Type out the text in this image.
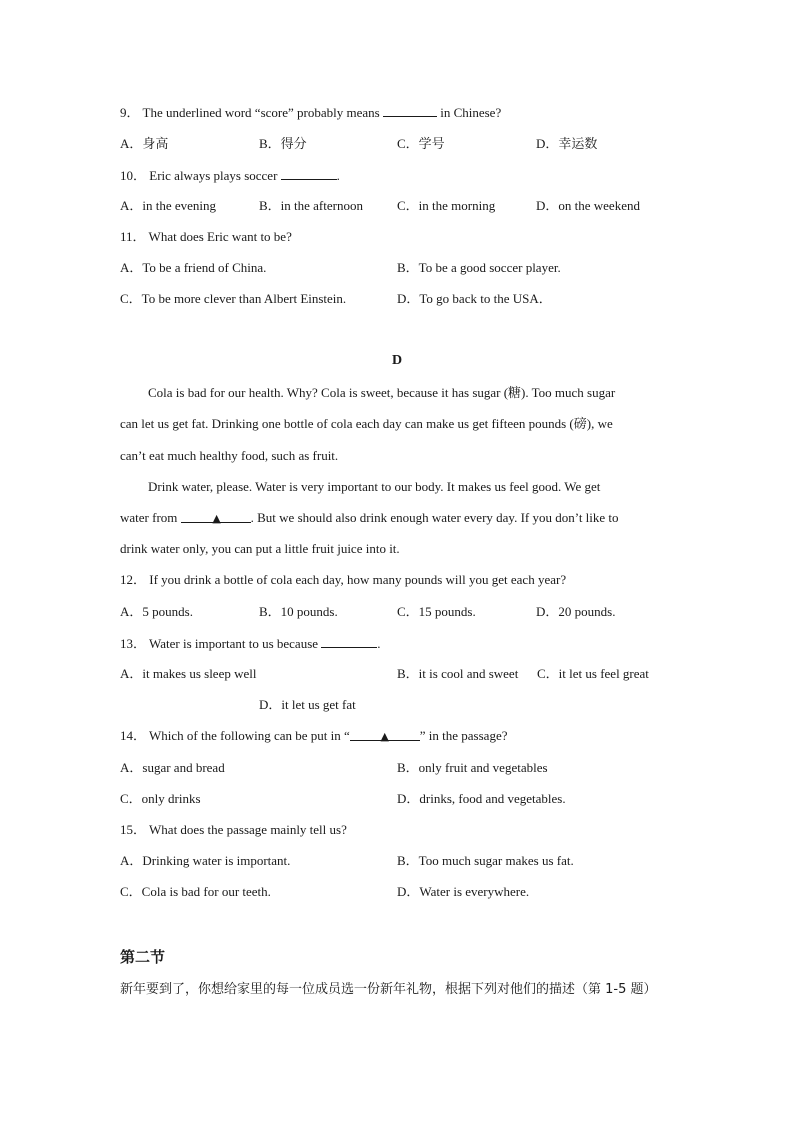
9． The underlined word “score” probably means	in Chinese?
A．身高	B．得分	C．学号	D．幸运数
10． Eric always plays soccer	.
A．in the evening	B．in the afternoon	C．in the morning	D．on the weekend
11． What does Eric want to be?
A．To be a friend of China.	B．To be a good soccer player.
C．To be more clever than Albert Einstein.	D．To go back to the USA．
D
Cola is bad for our health. Why? Cola is sweet, because it has sugar (糖). Too much sugar
can let us get fat. Drinking one bottle of cola each day can make us get fifteen pounds (磅), we
can’t eat much healthy food, such as fruit.
Drink water, please. Water is very important to our body. It makes us feel good. We get
water from	▲ . But we should also drink enough water every day. If you don’t like to
drink water only, you can put a little fruit juice into it.
12． If you drink a bottle of cola each day, how many pounds will you get each year?
A．5 pounds.	B．10 pounds.	C．15 pounds.	D．20 pounds.
13． Water is important to us because	.
A．it makes us sleep well	B．it is cool and sweet C．it let us feel great
D．it let us get fat
14． Which of the following can be put in “	▲ ” in the passage?
A．sugar and bread	B．only fruit and vegetables
C．only drinks	D．drinks, food and vegetables.
15． What does the passage mainly tell us?
A．Drinking water is important.	B．Too much sugar makes us fat.
C．Cola is bad for our teeth.	D．Water is everywhere.
第二节
新年要到了，你想给家里的每一位成员选一份新年礼物，根据下列对他们的描述（第 1-5 题）
